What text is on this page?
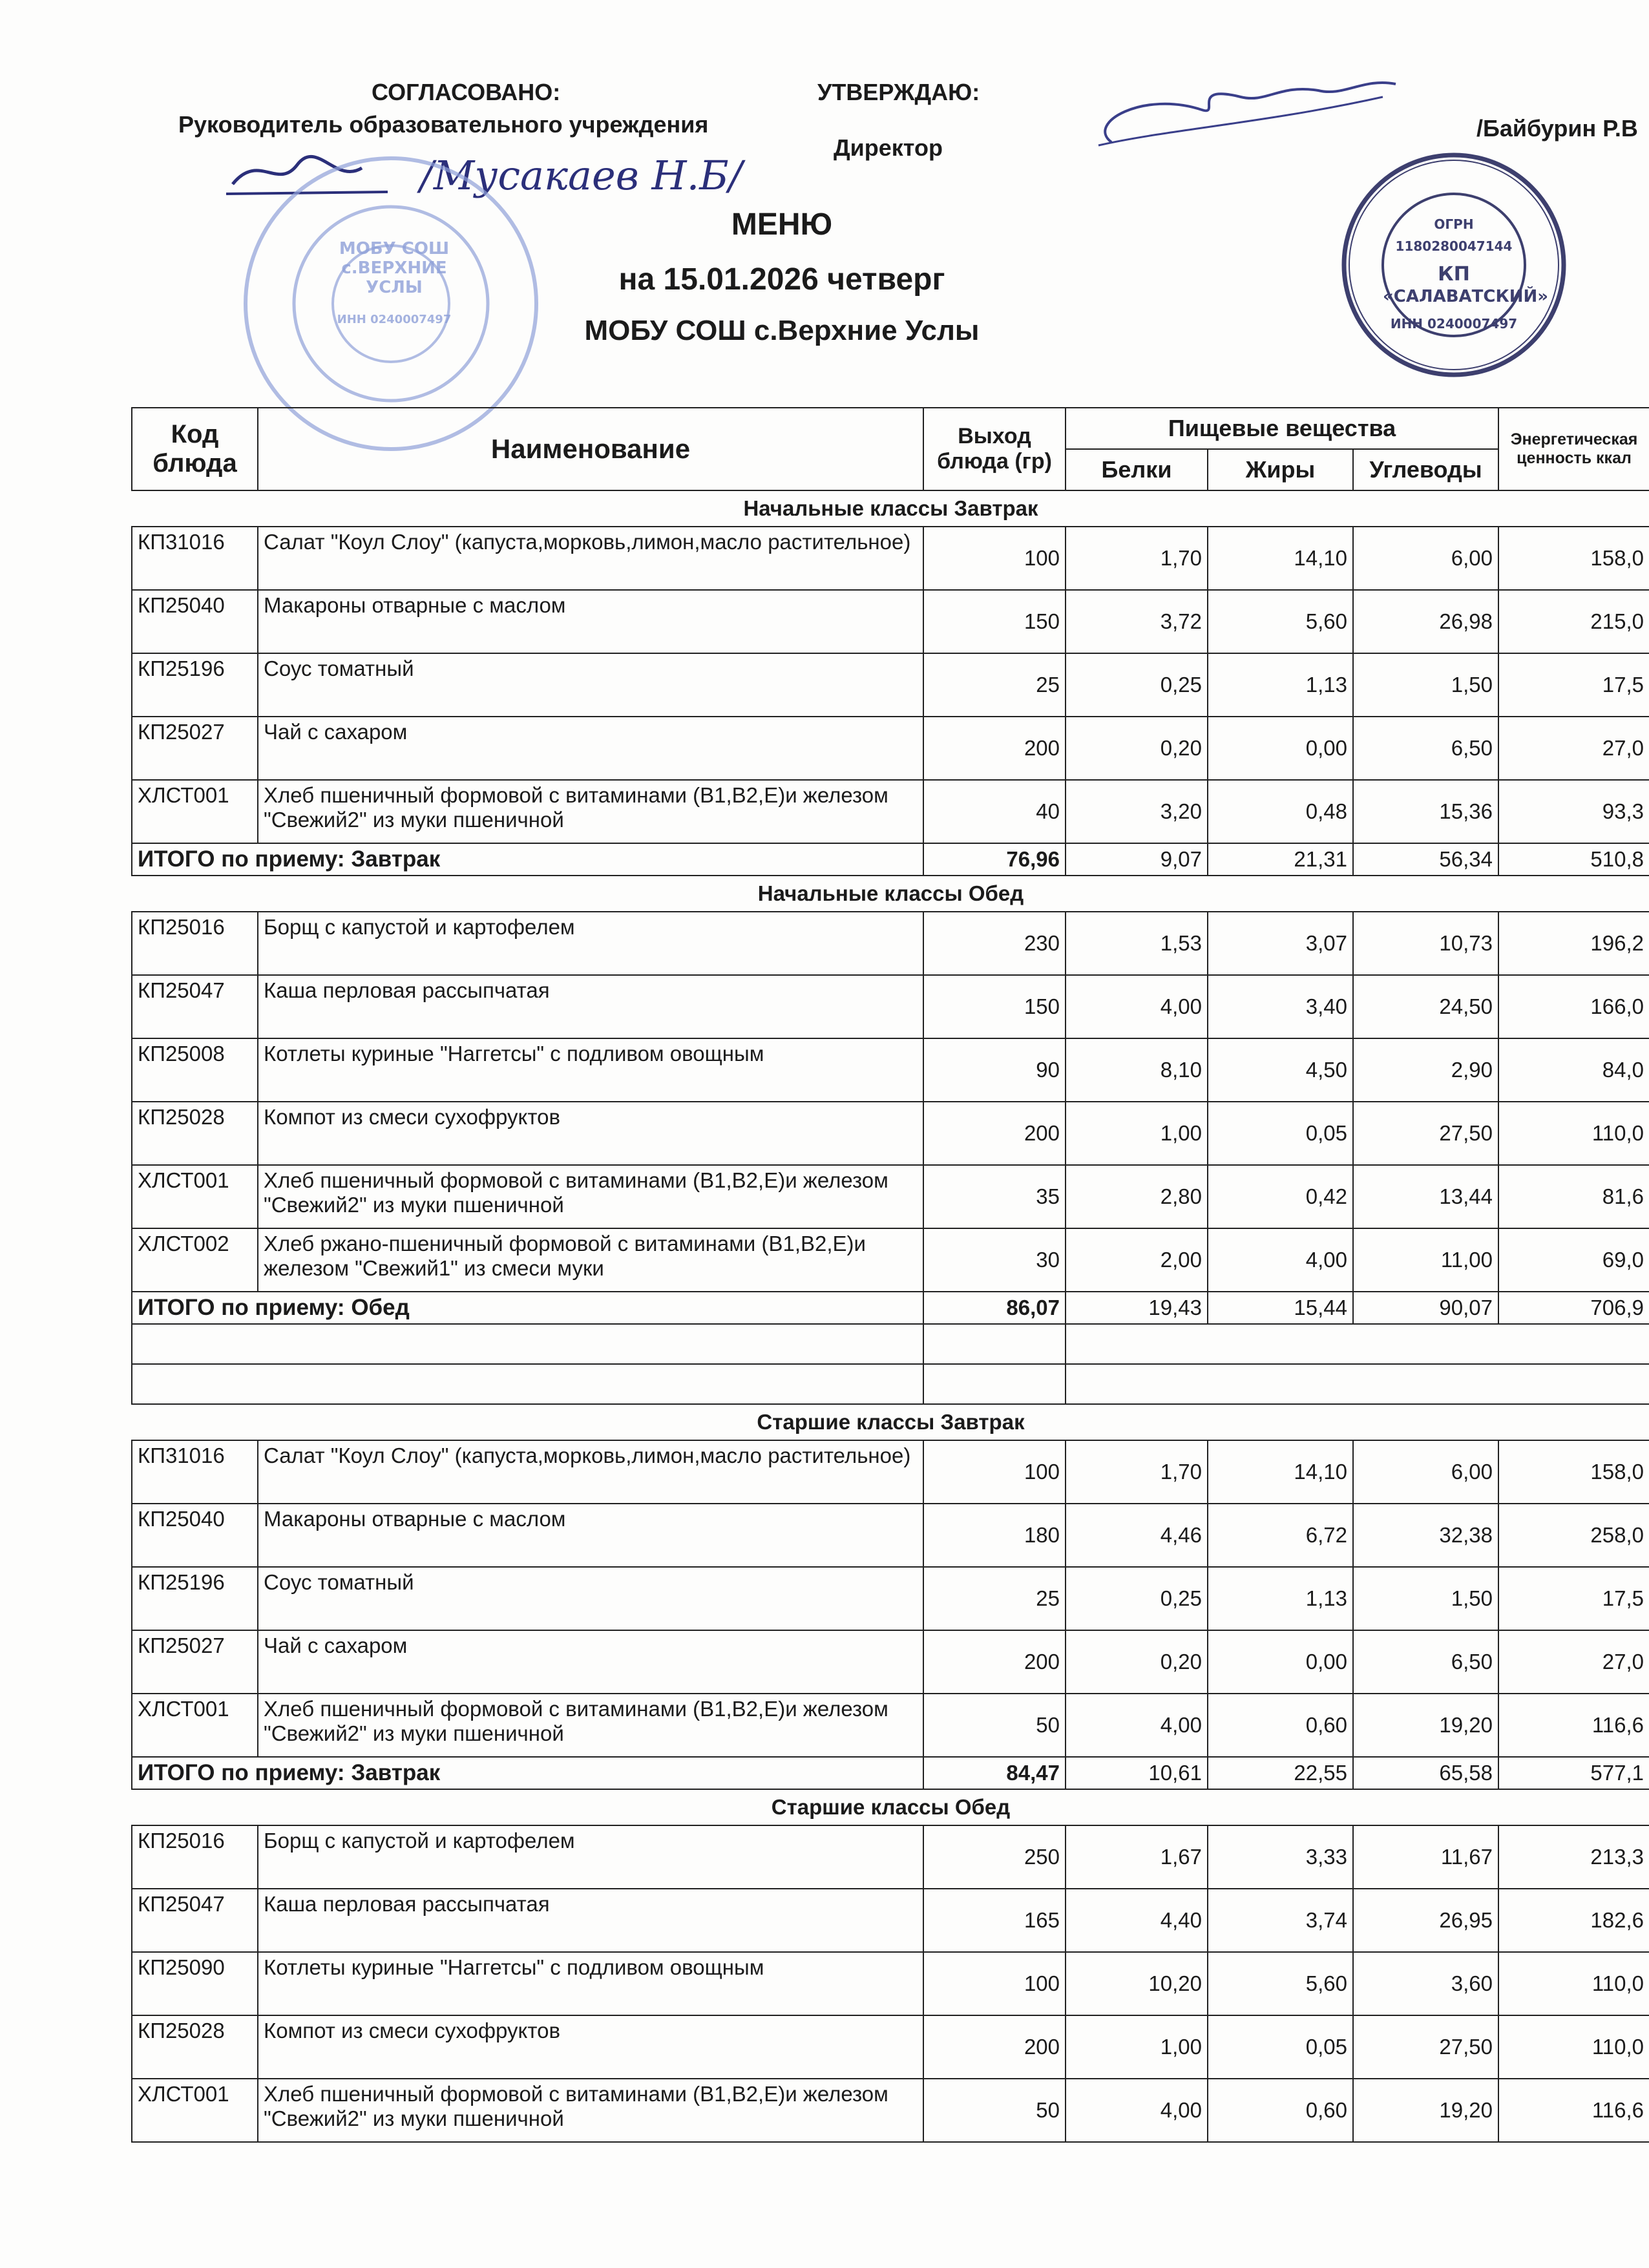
СОГЛАСОВАНО:
Руководитель образовательного учреждения
/Мусакаев Н.Б/
УТВЕРЖДАЮ:
Директор
/Байбурин Р.В
МОБУ СОШ
с.ВЕРХНИЕ УСЛЫ
ИНН 0240007497
ОГРН 1180280047144
КП
«САЛАВАТСКИЙ»
ИНН 0240007497
МЕНЮ
на 15.01.2026 четверг
МОБУ СОШ с.Верхние Услы
Код блюда	Наименование	Выход блюда (гр)	Пищевые вещества			Энергетическая ценность ккал
			Белки	Жиры	Углеводы	
Начальные классы Завтрак						
КП31016	Салат "Коул Слоу" (капуста,морковь,лимон,масло растительное)	100	1,70	14,10	6,00	158,0
КП25040	Макароны отварные с маслом	150	3,72	5,60	26,98	215,0
КП25196	Соус томатный	25	0,25	1,13	1,50	17,5
КП25027	Чай с сахаром	200	0,20	0,00	6,50	27,0
ХЛСТ001	Хлеб пшеничный формовой с витаминами (В1,В2,Е)и железом "Свежий2" из муки пшеничной	40	3,20	0,48	15,36	93,3
ИТОГО по приему: Завтрак		76,96	9,07	21,31	56,34	510,8
Начальные классы Обед						
КП25016	Борщ с капустой и картофелем	230	1,53	3,07	10,73	196,2
КП25047	Каша перловая рассыпчатая	150	4,00	3,40	24,50	166,0
КП25008	Котлеты куриные "Наггетсы" с подливом овощным	90	8,10	4,50	2,90	84,0
КП25028	Компот из смеси сухофруктов	200	1,00	0,05	27,50	110,0
ХЛСТ001	Хлеб пшеничный формовой с витаминами (В1,В2,Е)и железом "Свежий2" из муки пшеничной	35	2,80	0,42	13,44	81,6
ХЛСТ002	Хлеб ржано-пшеничный формовой с витаминами (В1,В2,Е)и железом "Свежий1" из смеси муки	30	2,00	4,00	11,00	69,0
ИТОГО по приему: Обед		86,07	19,43	15,44	90,07	706,9

Старшие классы Завтрак						
КП31016	Салат "Коул Слоу" (капуста,морковь,лимон,масло растительное)	100	1,70	14,10	6,00	158,0
КП25040	Макароны отварные с маслом	180	4,46	6,72	32,38	258,0
КП25196	Соус томатный	25	0,25	1,13	1,50	17,5
КП25027	Чай с сахаром	200	0,20	0,00	6,50	27,0
ХЛСТ001	Хлеб пшеничный формовой с витаминами (В1,В2,Е)и железом "Свежий2" из муки пшеничной	50	4,00	0,60	19,20	116,6
ИТОГО по приему: Завтрак		84,47	10,61	22,55	65,58	577,1
Старшие классы Обед						
КП25016	Борщ с капустой и картофелем	250	1,67	3,33	11,67	213,3
КП25047	Каша перловая рассыпчатая	165	4,40	3,74	26,95	182,6
КП25090	Котлеты куриные "Наггетсы" с подливом овощным	100	10,20	5,60	3,60	110,0
КП25028	Компот из смеси сухофруктов	200	1,00	0,05	27,50	110,0
ХЛСТ001	Хлеб пшеничный формовой с витаминами (В1,В2,Е)и железом "Свежий2" из муки пшеничной	50	4,00	0,60	19,20	116,6
